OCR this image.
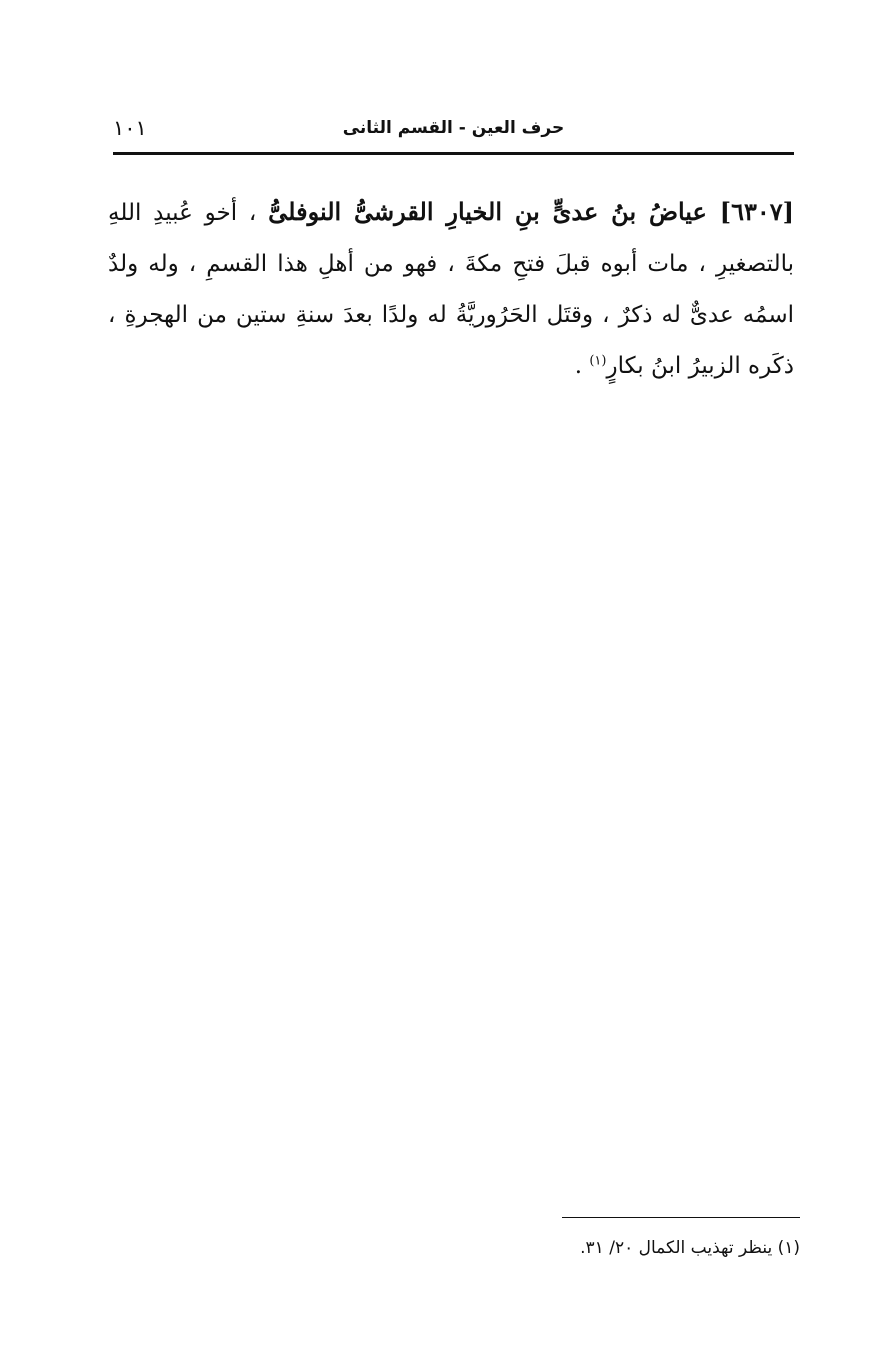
١٠١	حرف العين - القسم الثانى
[٦٣٠٧] عياضُ بنُ عدىٍّ بنِ الخيارِ القرشىُّ النوفلىُّ ، أخو عُبيدِ اللهِ بالتصغيرِ ، مات أبوه قبلَ فتحِ مكةَ ، فهو من أهلِ هذا القسمِ ، وله ولدٌ اسمُه عدىٌّ له ذكرٌ ، وقتَل الحَرُوريَّةُ له ولدًا بعدَ سنةِ ستين من الهجرةِ ، ذكَره الزبيرُ ابنُ بكارٍ$^{(١)}$ .
(١) ينظر تهذيب الكمال ٢٠/ ٣١.
